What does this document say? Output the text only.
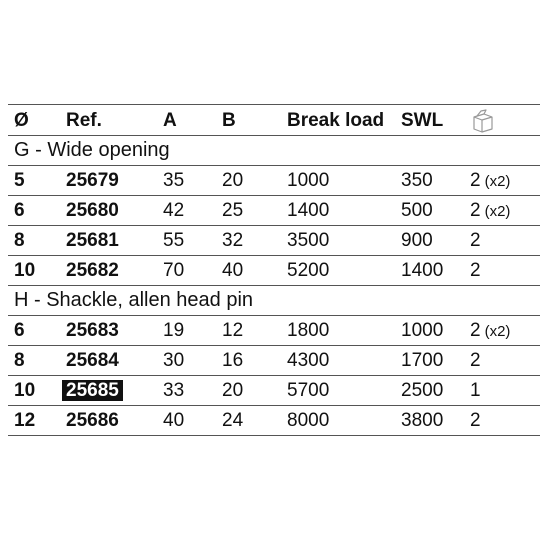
Ø Ref.	A B	Break load SWL
G - Wide opening
5 25679 35 20 1000	350 2 (x2)
6 25680 42 25 1400	500 2 (x2)
8 25681 55 32 3500	900 2
10 25682 70 40 5200	1400 2
H - Shackle, allen head pin
6 25683 19 12 1800	1000 2 (x2)
8 25684 30 16 4300	1700 2
10 25685 33 20 5700	2500 1
12 25686 40 24 8000	3800 2
